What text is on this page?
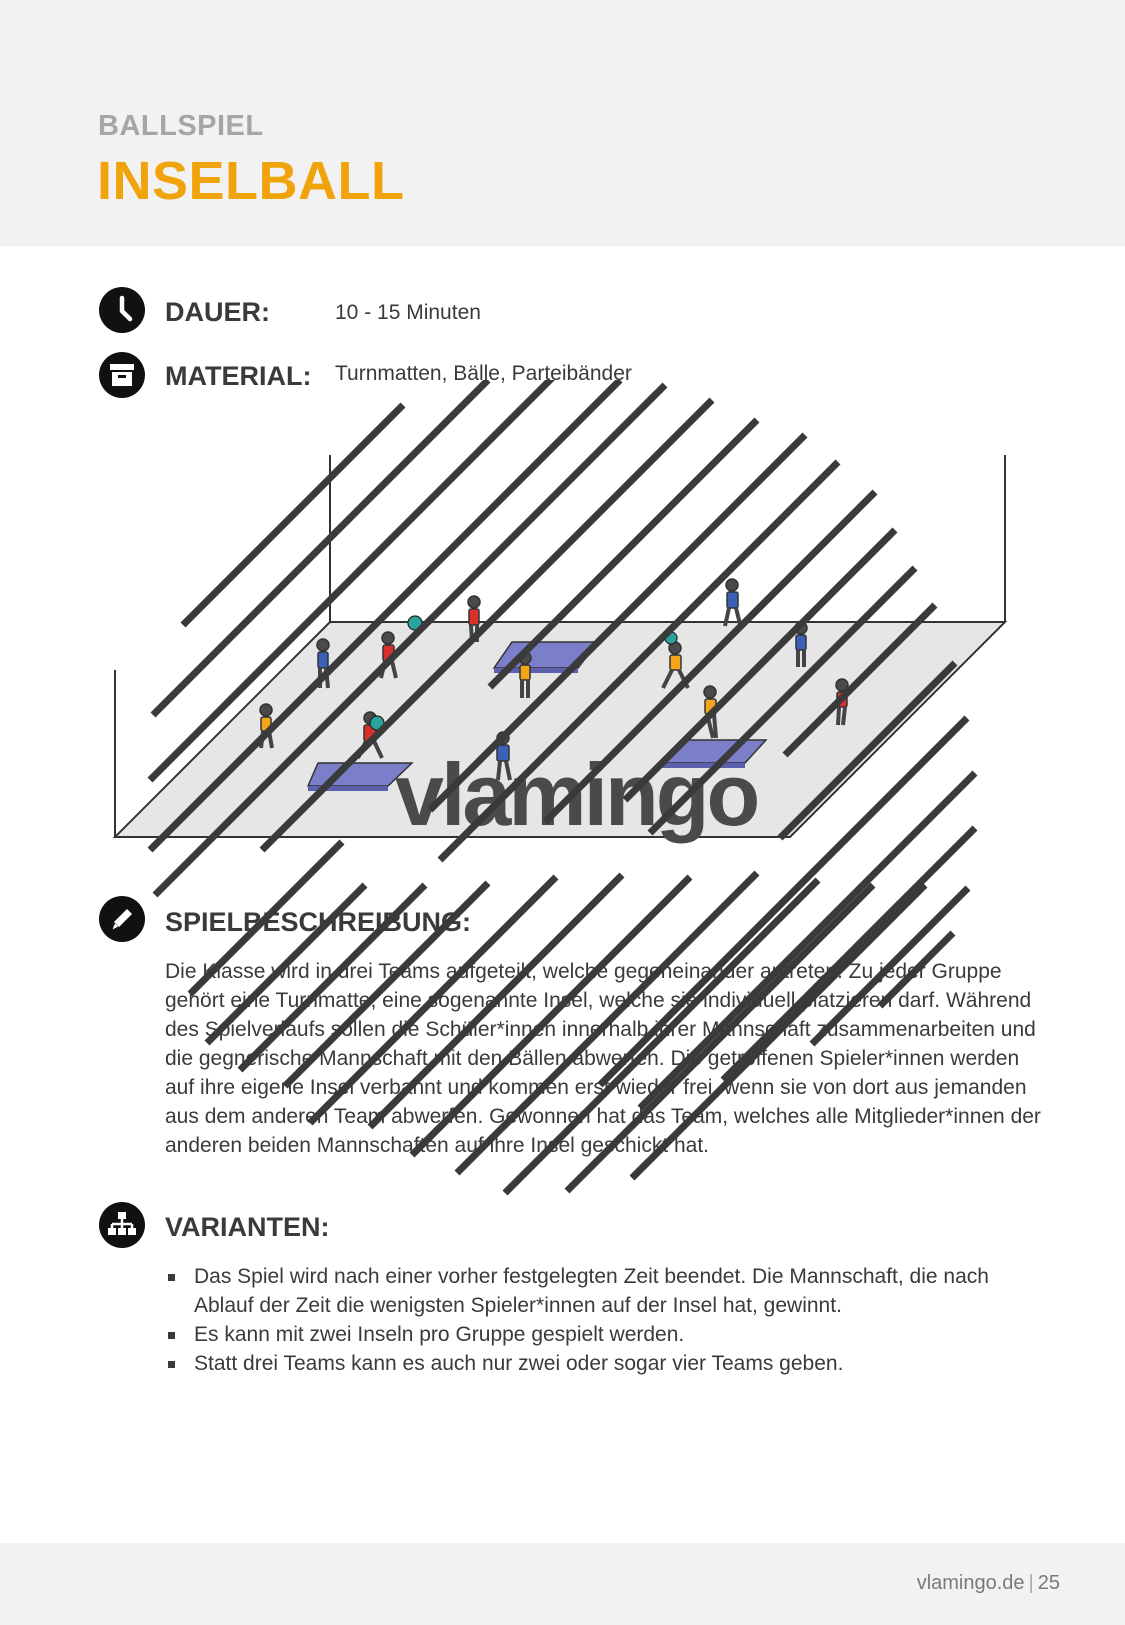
BALLSPIEL
INSELBALL
DAUER:	10 - 15 Minuten
MATERIAL: Turnmatten, Bälle, Parteibänder
vlamingo
SPIELBESCHREIBUNG:

Die Klasse wird in drei Teams aufgeteilt, welche gegeneinander antreten. Zu jeder Gruppe gehört eine Turnmatte, eine sogenannte Insel, welche sie individuell platzieren darf. Während des Spielverlaufs sollen die Schüler*innen innerhalb ihrer Mannschaft zusammenarbeiten und die gegnerische Mannschaft mit den Bällen abwerfen. Die getroffenen Spieler*innen werden auf ihre eigene Insel verbannt und kommen erst wieder frei, wenn sie von dort aus jemanden aus dem anderen Team abwerfen. Gewonnen hat das Team, welches alle Mitglieder*innen der anderen beiden Mannschaften auf ihre Insel geschickt hat.

VARIANTEN:
Das Spiel wird nach einer vorher festgelegten Zeit beendet. Die Mannschaft, die nach Ablauf der Zeit die wenigsten Spieler*innen auf der Insel hat, gewinnt.
Es kann mit zwei Inseln pro Gruppe gespielt werden.
Statt drei Teams kann es auch nur zwei oder sogar vier Teams geben.
vlamingo.de | 25
